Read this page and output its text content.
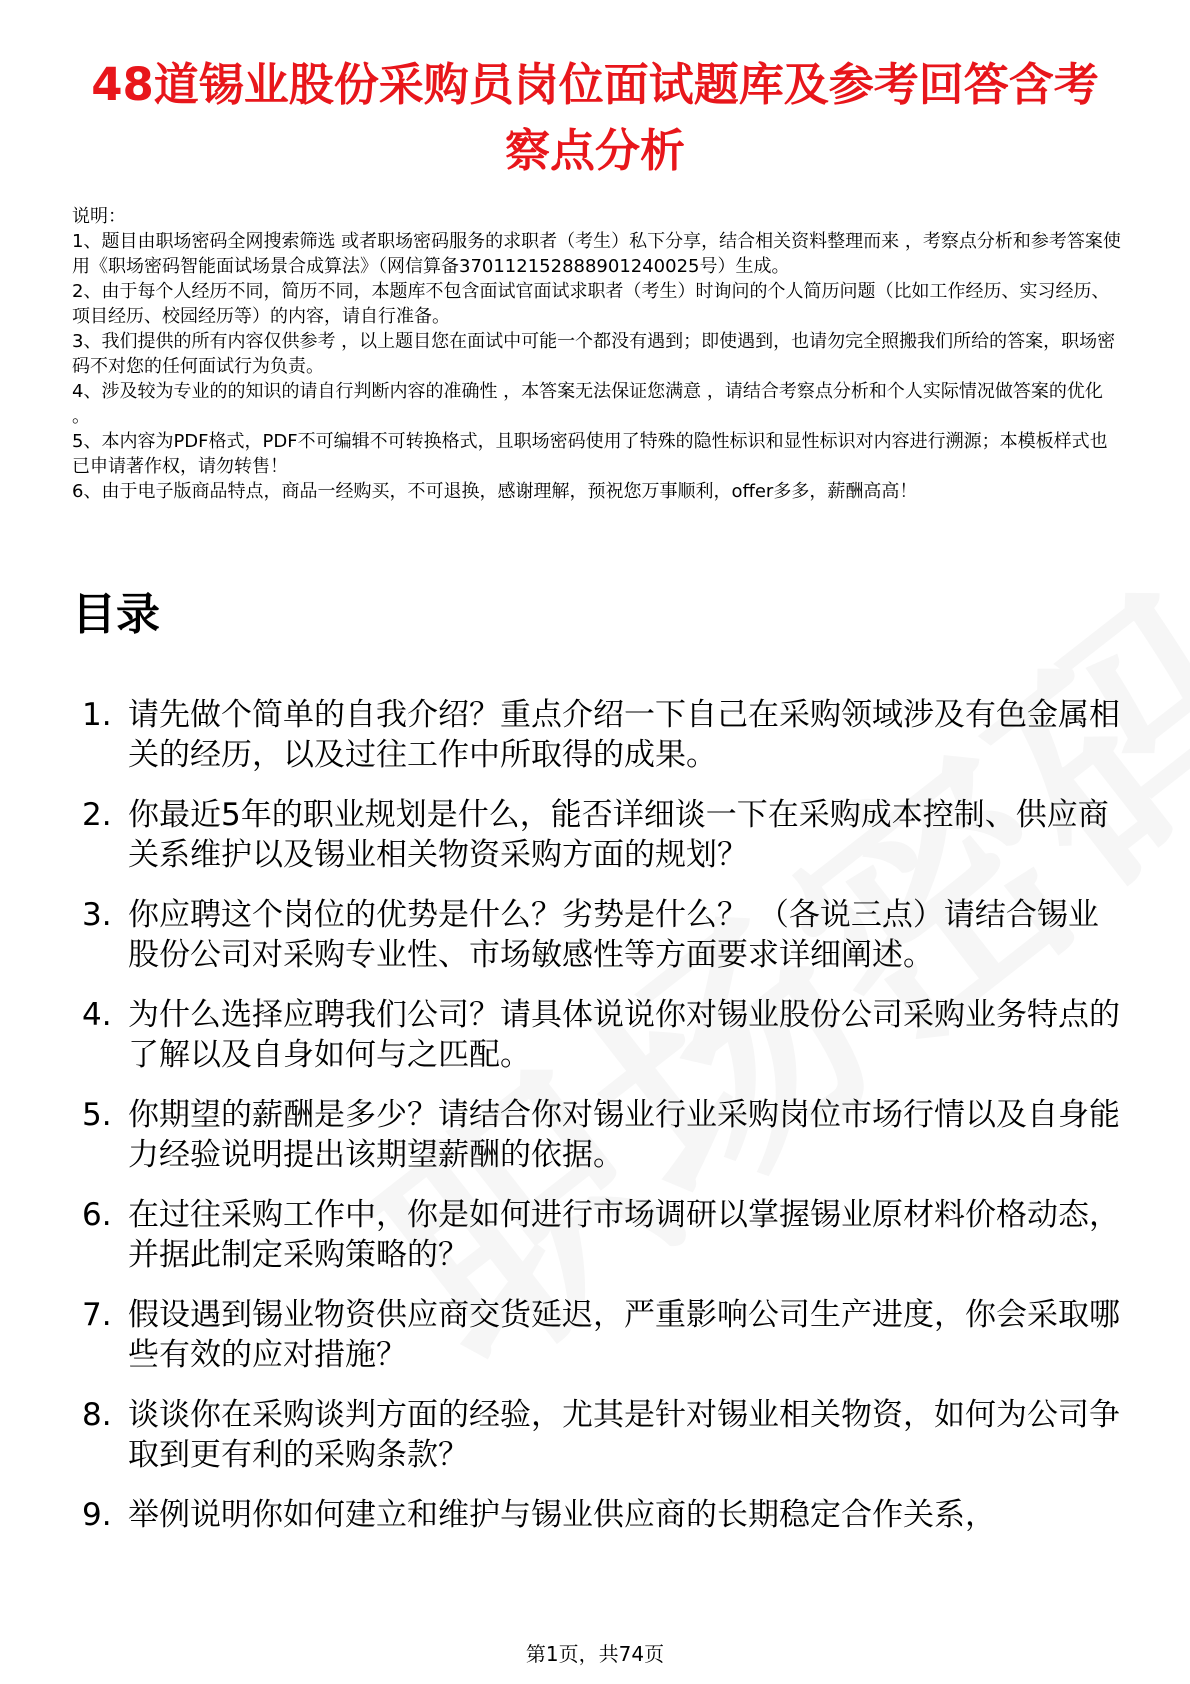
48道锡业股份采购员岗位面试题库及参考回答含考察点分析

说明：

1、题目由职场密码全网搜索筛选 或者职场密码服务的求职者（考生）私下分享，结合相关资料整理而来 ，考察点分析和参考答案使用《职场密码智能面试场景合成算法》（网信算备370112152888901240025号）生成。

2、由于每个人经历不同，简历不同，本题库不包含面试官面试求职者（考生）时询问的个人简历问题（比如工作经历、实习经历、项目经历、校园经历等）的内容，请自行准备。

3、我们提供的所有内容仅供参考 ，以上题目您在面试中可能一个都没有遇到；即使遇到，也请勿完全照搬我们所给的答案，职场密码不对您的任何面试行为负责。

4、涉及较为专业的的知识的请自行判断内容的准确性 ，本答案无法保证您满意 ，请结合考察点分析和个人实际情况做答案的优化 。

5、本内容为PDF格式，PDF不可编辑不可转换格式，且职场密码使用了特殊的隐性标识和显性标识对内容进行溯源；本模板样式也已申请著作权，请勿转售！

6、由于电子版商品特点，商品一经购买，不可退换，感谢理解，预祝您万事顺利，offer多多，薪酬高高！

目录
1. 请先做个简单的自我介绍？重点介绍一下自己在采购领域涉及有色金属相关的经历，以及过往工作中所取得的成果。
2. 你最近5年的职业规划是什么，能否详细谈一下在采购成本控制、供应商关系维护以及锡业相关物资采购方面的规划？
3. 你应聘这个岗位的优势是什么？劣势是什么？ （各说三点）请结合锡业股份公司对采购专业性、市场敏感性等方面要求详细阐述。
4. 为什么选择应聘我们公司？请具体说说你对锡业股份公司采购业务特点的了解以及自身如何与之匹配。
5. 你期望的薪酬是多少？请结合你对锡业行业采购岗位市场行情以及自身能力经验说明提出该期望薪酬的依据。
6. 在过往采购工作中，你是如何进行市场调研以掌握锡业原材料价格动态，并据此制定采购策略的？
7. 假设遇到锡业物资供应商交货延迟，严重影响公司生产进度，你会采取哪些有效的应对措施？
8. 谈谈你在采购谈判方面的经验，尤其是针对锡业相关物资，如何为公司争取到更有利的采购条款？
9. 举例说明你如何建立和维护与锡业供应商的长期稳定合作关系，
第1页，共74页
